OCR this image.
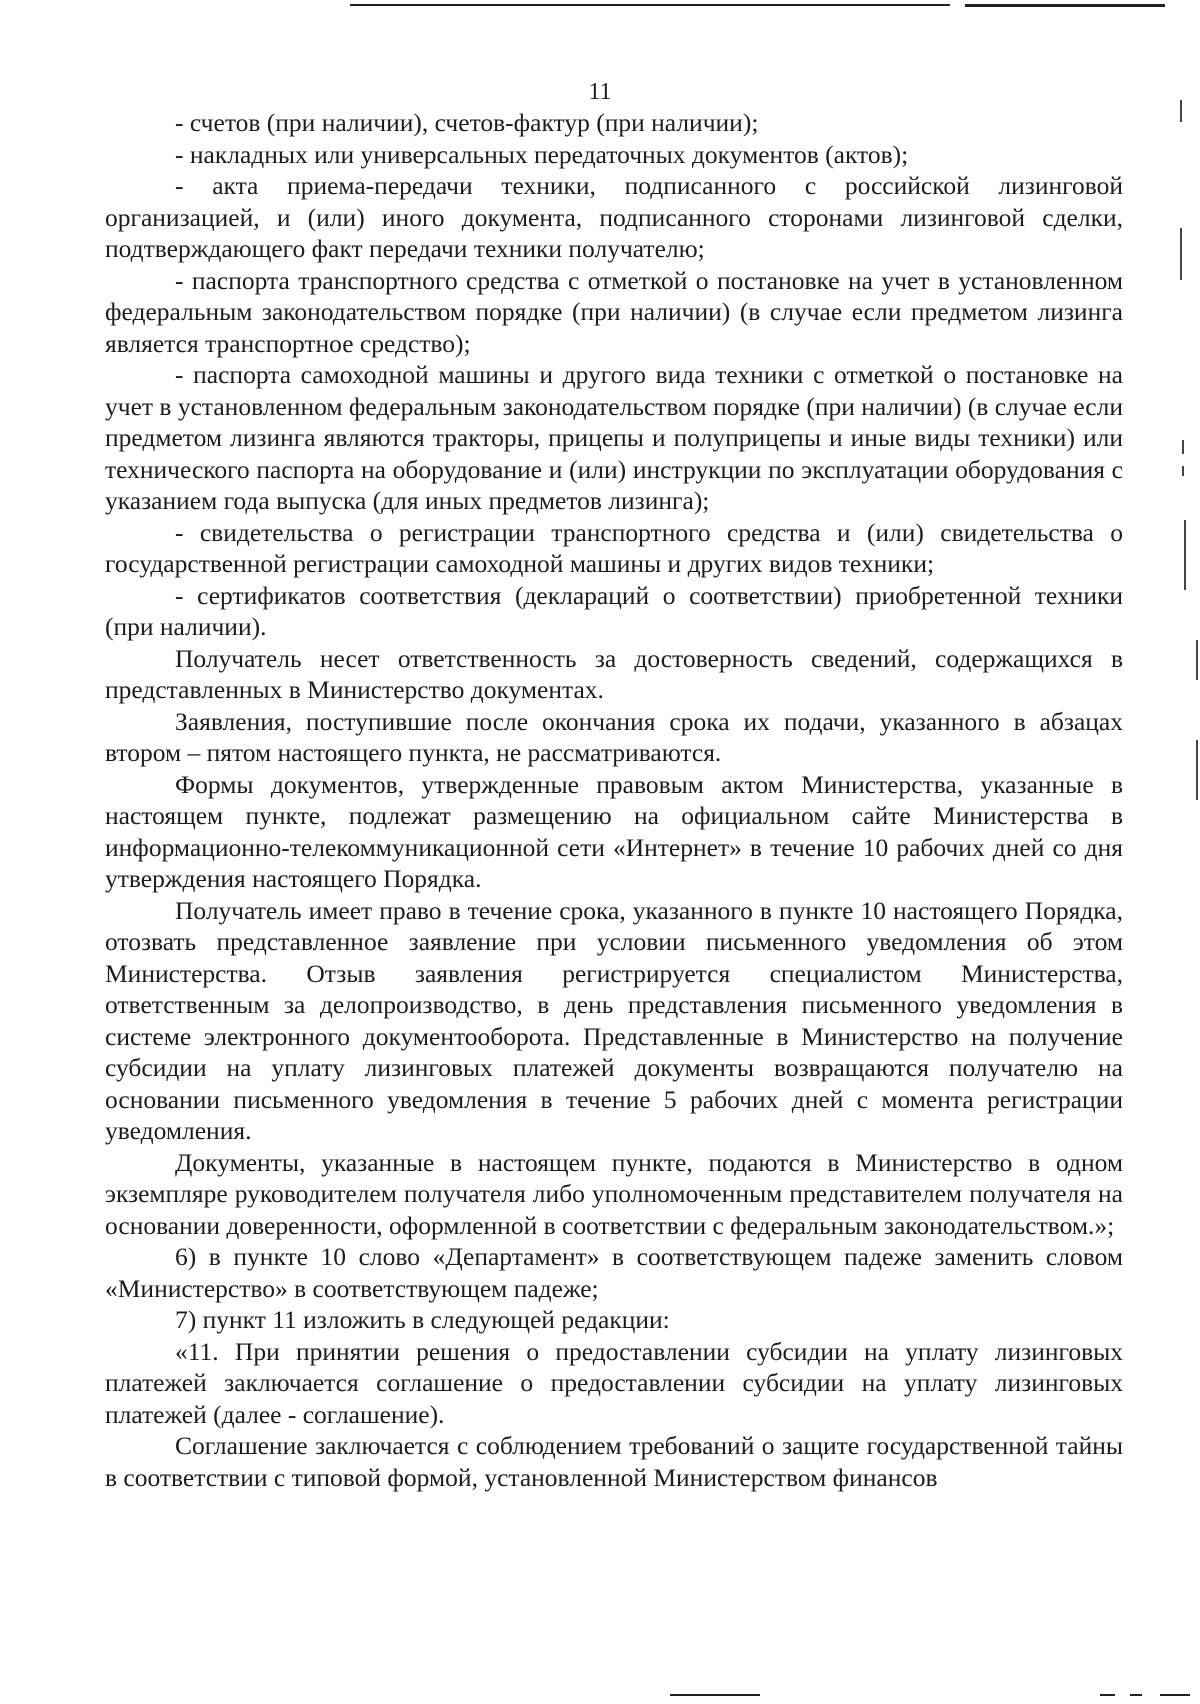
11

- счетов (при наличии), счетов-фактур (при наличии);

- накладных или универсальных передаточных документов (актов);

- акта приема-передачи техники, подписанного с российской лизинговой организацией, и (или) иного документа, подписанного сторонами лизинговой сделки, подтверждающего факт передачи техники получателю;

- паспорта транспортного средства с отметкой о постановке на учет в установленном федеральным законодательством порядке (при наличии) (в случае если предметом лизинга является транспортное средство);

- паспорта самоходной машины и другого вида техники с отметкой о постановке на учет в установленном федеральным законодательством порядке (при наличии) (в случае если предметом лизинга являются тракторы, прицепы и полуприцепы и иные виды техники) или технического паспорта на оборудование и (или) инструкции по эксплуатации оборудования с указанием года выпуска (для иных предметов лизинга);

- свидетельства о регистрации транспортного средства и (или) свидетельства о государственной регистрации самоходной машины и других видов техники;

- сертификатов соответствия (деклараций о соответствии) приобретенной техники (при наличии).

Получатель несет ответственность за достоверность сведений, содержащихся в представленных в Министерство документах.

Заявления, поступившие после окончания срока их подачи, указанного в абзацах втором – пятом настоящего пункта, не рассматриваются.

Формы документов, утвержденные правовым актом Министерства, указанные в настоящем пункте, подлежат размещению на официальном сайте Министерства в информационно-телекоммуникационной сети «Интернет» в течение 10 рабочих дней со дня утверждения настоящего Порядка.

Получатель имеет право в течение срока, указанного в пункте 10 настоящего Порядка, отозвать представленное заявление при условии письменного уведомления об этом Министерства. Отзыв заявления регистрируется специалистом Министерства, ответственным за делопроизводство, в день представления письменного уведомления в системе электронного документооборота. Представленные в Министерство на получение субсидии на уплату лизинговых платежей документы возвращаются получателю на основании письменного уведомления в течение 5 рабочих дней с момента регистрации уведомления.

Документы, указанные в настоящем пункте, подаются в Министерство в одном экземпляре руководителем получателя либо уполномоченным представителем получателя на основании доверенности, оформленной в соответствии с федеральным законодательством.»;

6) в пункте 10 слово «Департамент» в соответствующем падеже заменить словом «Министерство» в соответствующем падеже;

7) пункт 11 изложить в следующей редакции:

«11. При принятии решения о предоставлении субсидии на уплату лизинговых платежей заключается соглашение о предоставлении субсидии на уплату лизинговых платежей (далее - соглашение).

Соглашение заключается с соблюдением требований о защите государственной тайны в соответствии с типовой формой, установленной Министерством финансов
